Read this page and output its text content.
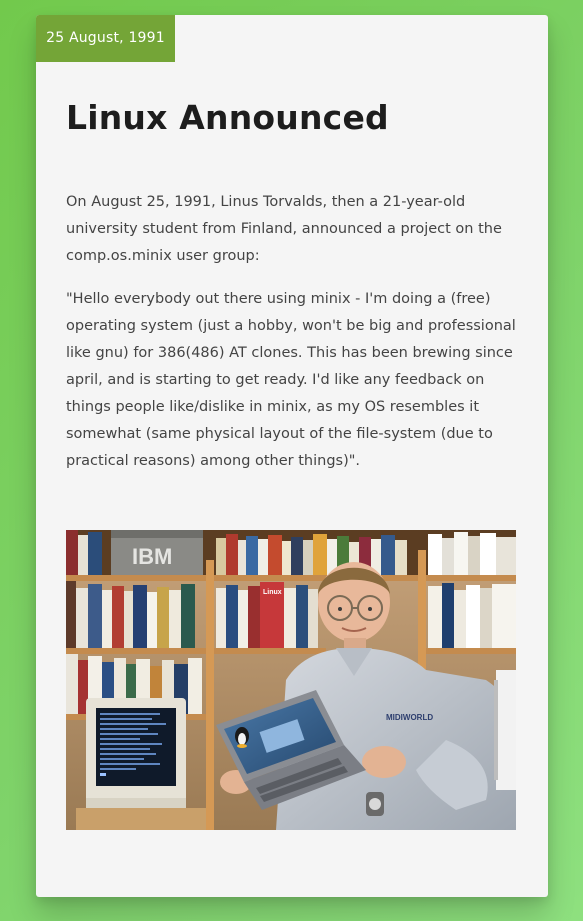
25 August, 1991
Linux Announced

On August 25, 1991, Linus Torvalds, then a 21-year-old university student from Finland, announced a project on the comp.os.minix user group:

"Hello everybody out there using minix - I'm doing a (free) operating system (just a hobby, won't be big and professional like gnu) for 386(486) AT clones. This has been brewing since april, and is starting to get ready. I'd like any feedback on things people like/dislike in minix, as my OS resembles it somewhat (same physical layout of the file-system (due to practical reasons) among other things)".

IBM
Linux
MIDIWORLD
